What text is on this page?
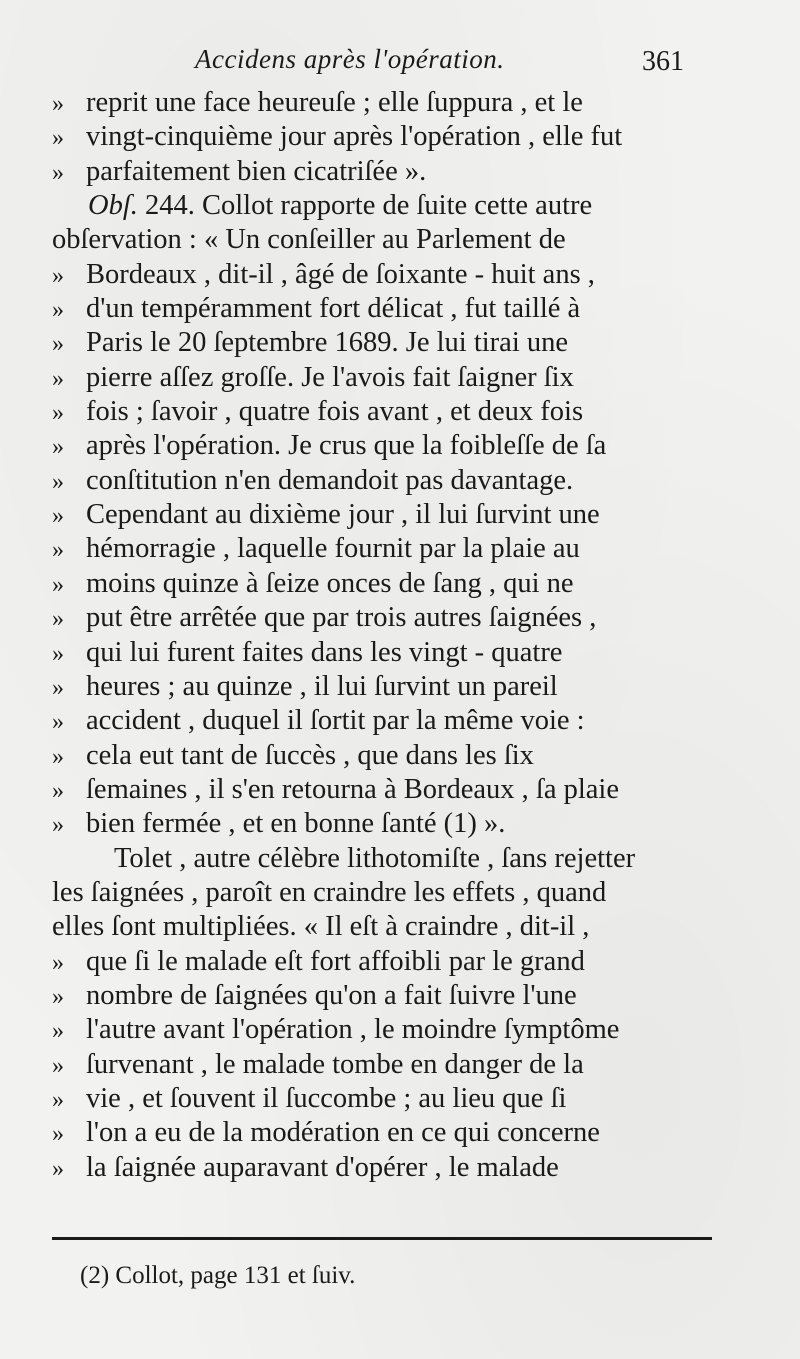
Accidens après l'opération.	361
» reprit une face heureuſe ; elle ſuppura , et le
» vingt-cinquième jour après l'opération , elle fut
» parfaitement bien cicatriſée ».
Obſ. 244. Collot rapporte de ſuite cette autre
obſervation : « Un conſeiller au Parlement de
» Bordeaux , dit-il , âgé de ſoixante - huit ans ,
» d'un tempéramment fort délicat , fut taillé à
» Paris le 20 ſeptembre 1689. Je lui tirai une
» pierre aſſez groſſe. Je l'avois fait ſaigner ſix
» fois ; ſavoir , quatre fois avant , et deux fois
» après l'opération. Je crus que la foibleſſe de ſa
» conſtitution n'en demandoit pas davantage.
» Cependant au dixième jour , il lui ſurvint une
» hémorragie , laquelle fournit par la plaie au
» moins quinze à ſeize onces de ſang , qui ne
» put être arrêtée que par trois autres ſaignées ,
» qui lui furent faites dans les vingt - quatre
» heures ; au quinze , il lui ſurvint un pareil
» accident , duquel il ſortit par la même voie :
» cela eut tant de ſuccès , que dans les ſix
» ſemaines , il s'en retourna à Bordeaux , ſa plaie
» bien fermée , et en bonne ſanté (1) ».
Tolet , autre célèbre lithotomiſte , ſans rejetter
les ſaignées , paroît en craindre les effets , quand
elles ſont multipliées. « Il eſt à craindre , dit-il ,
» que ſi le malade eſt fort affoibli par le grand
» nombre de ſaignées qu'on a fait ſuivre l'une
» l'autre avant l'opération , le moindre ſymptôme
» ſurvenant , le malade tombe en danger de la
» vie , et ſouvent il ſuccombe ; au lieu que ſi
» l'on a eu de la modération en ce qui concerne
» la ſaignée auparavant d'opérer , le malade
(2) Collot, page 131 et ſuiv.
